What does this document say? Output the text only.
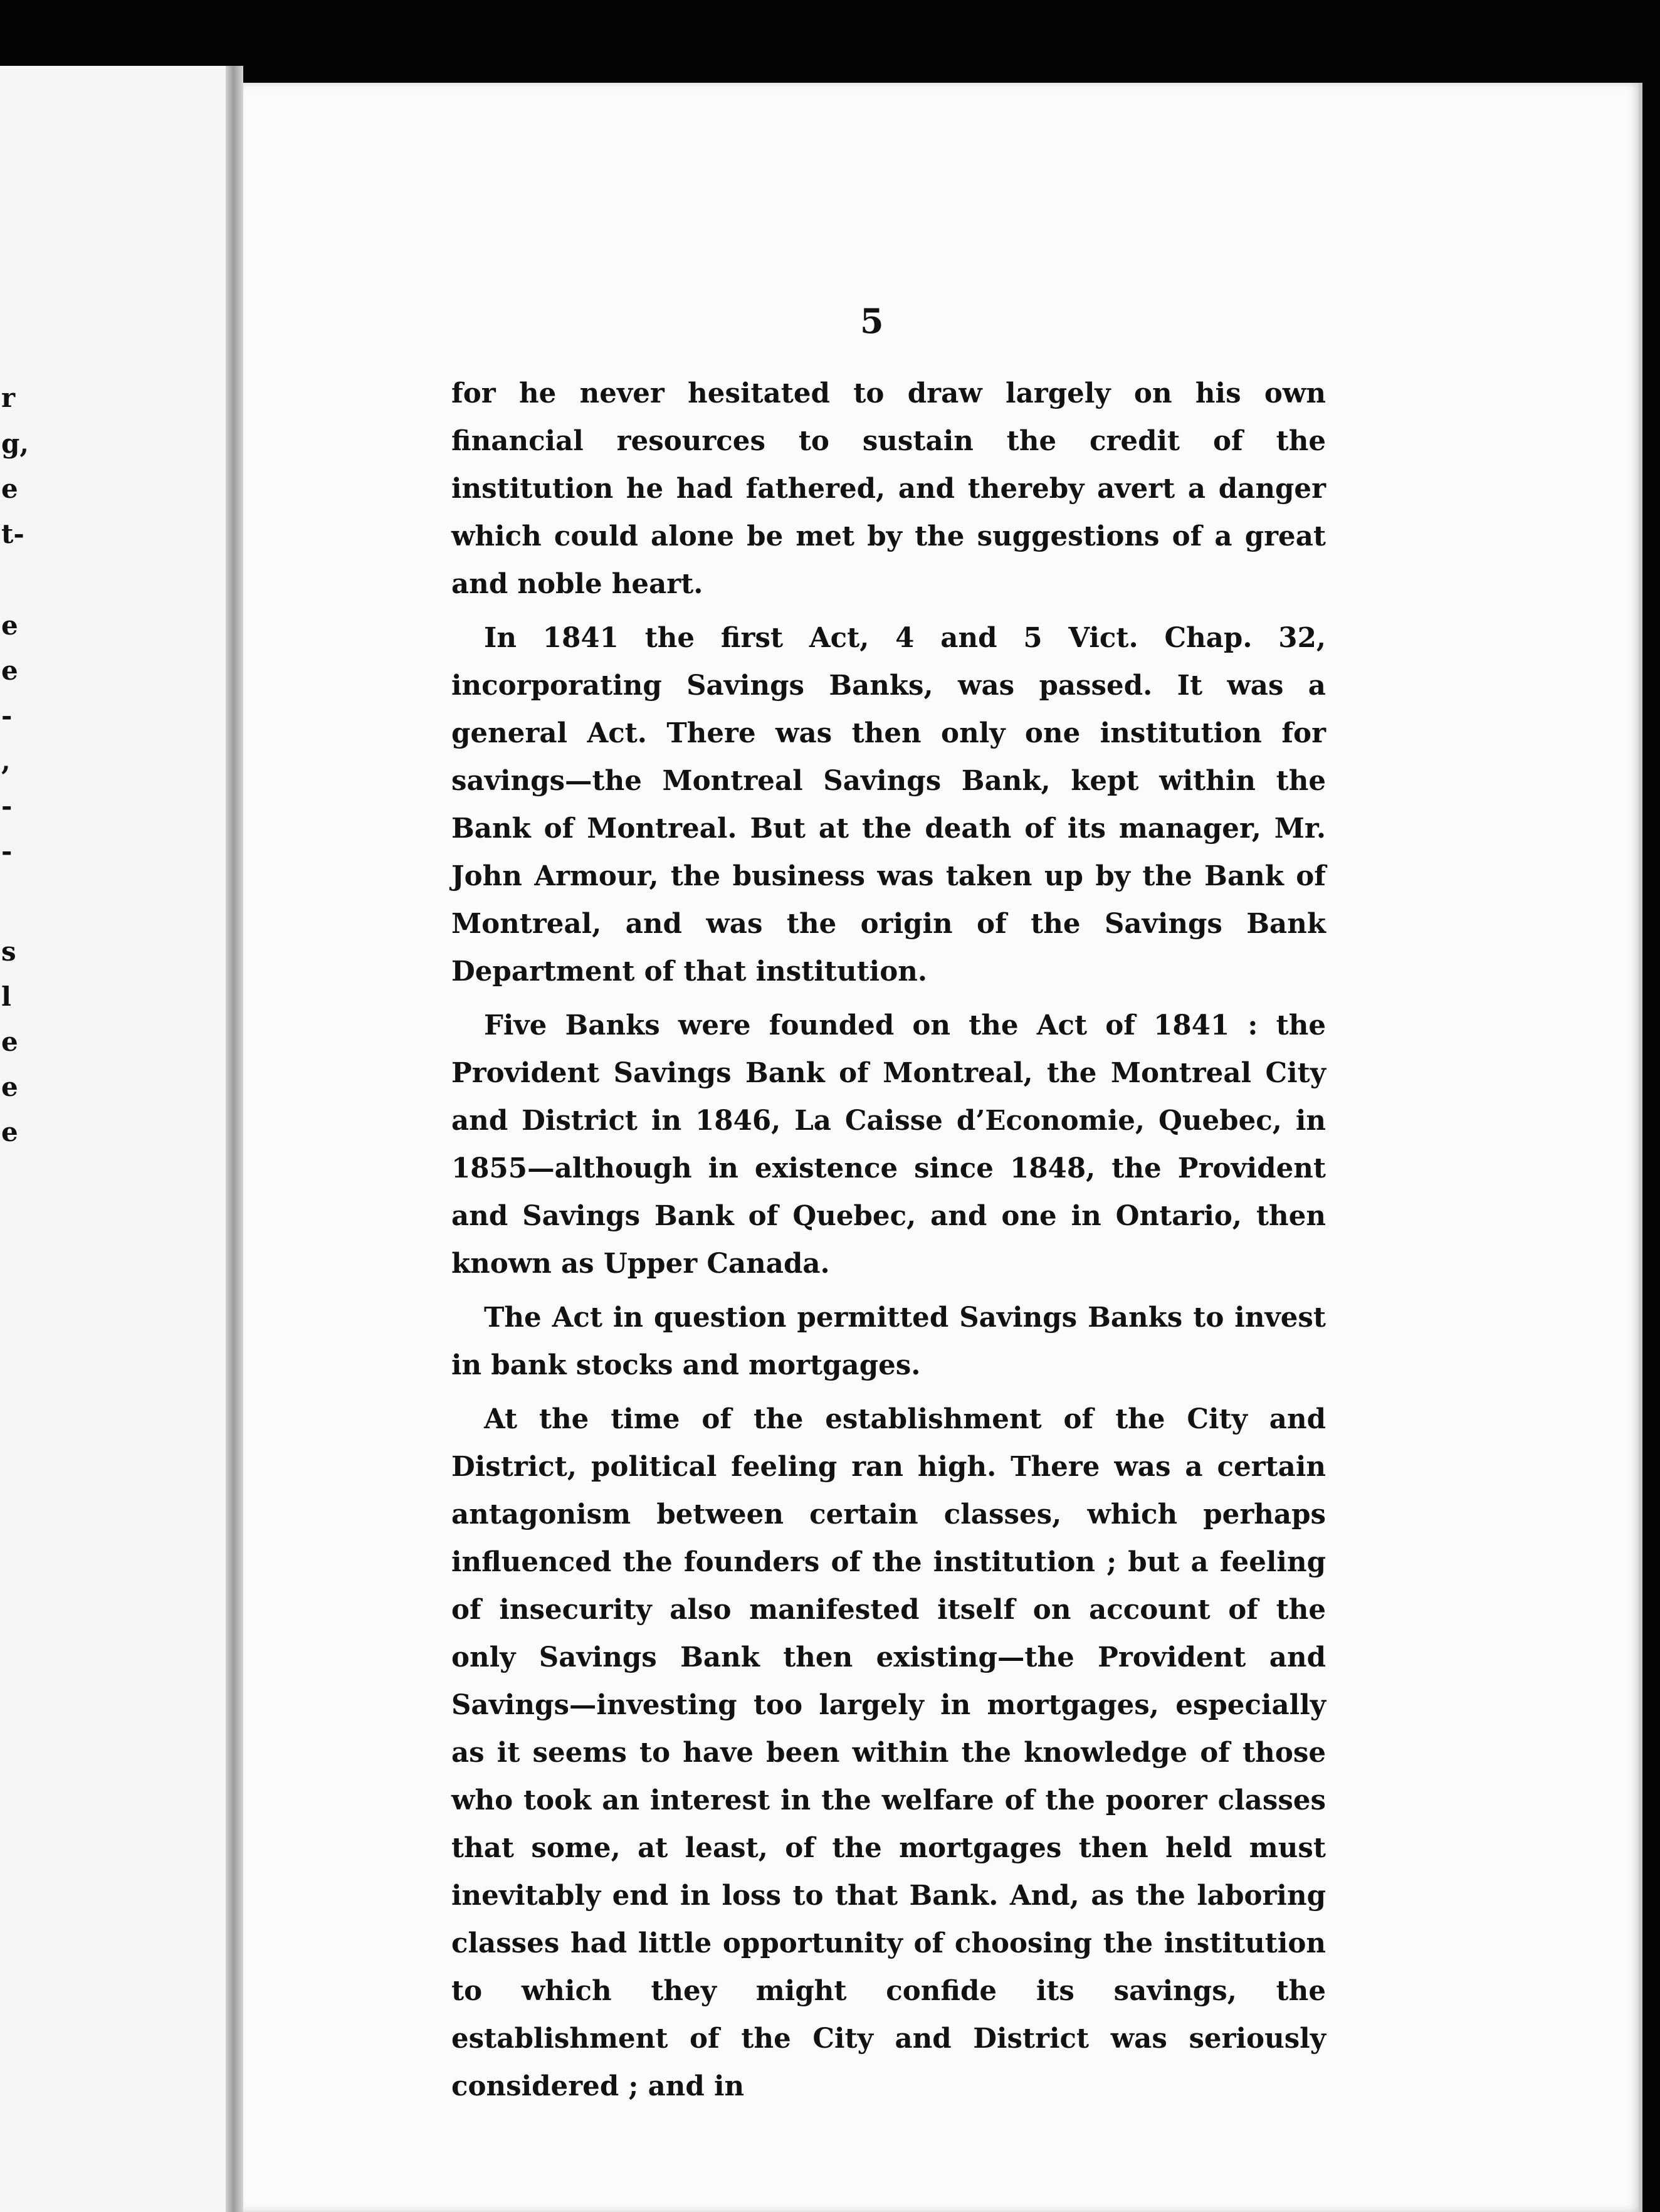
r
g,
e
t-
e
e
-
,
-
-
s
l
e
e
e
5

for he never hesitated to draw largely on his own financial resources to sustain the credit of the institution he had fathered, and thereby avert a danger which could alone be met by the suggestions of a great and noble heart.

In 1841 the first Act, 4 and 5 Vict. Chap. 32, incorporating Savings Banks, was passed. It was a general Act. There was then only one institution for savings—the Montreal Savings Bank, kept within the Bank of Montreal. But at the death of its manager, Mr. John Armour, the business was taken up by the Bank of Montreal, and was the origin of the Savings Bank Department of that institution.

Five Banks were founded on the Act of 1841 : the Provident Savings Bank of Montreal, the Montreal City and District in 1846, La Caisse d’Economie, Quebec, in 1855—although in existence since 1848, the Provident and Savings Bank of Quebec, and one in Ontario, then known as Upper Canada.

The Act in question permitted Savings Banks to invest in bank stocks and mortgages.

At the time of the establishment of the City and District, political feeling ran high. There was a certain antagonism between certain classes, which perhaps influenced the founders of the institution ; but a feeling of insecurity also manifested itself on account of the only Savings Bank then existing—the Provident and Savings—investing too largely in mortgages, especially as it seems to have been within the knowledge of those who took an interest in the welfare of the poorer classes that some, at least, of the mortgages then held must inevitably end in loss to that Bank. And, as the laboring classes had little opportunity of choosing the institution to which they might confide its savings, the establishment of the City and District was seriously considered ; and in
